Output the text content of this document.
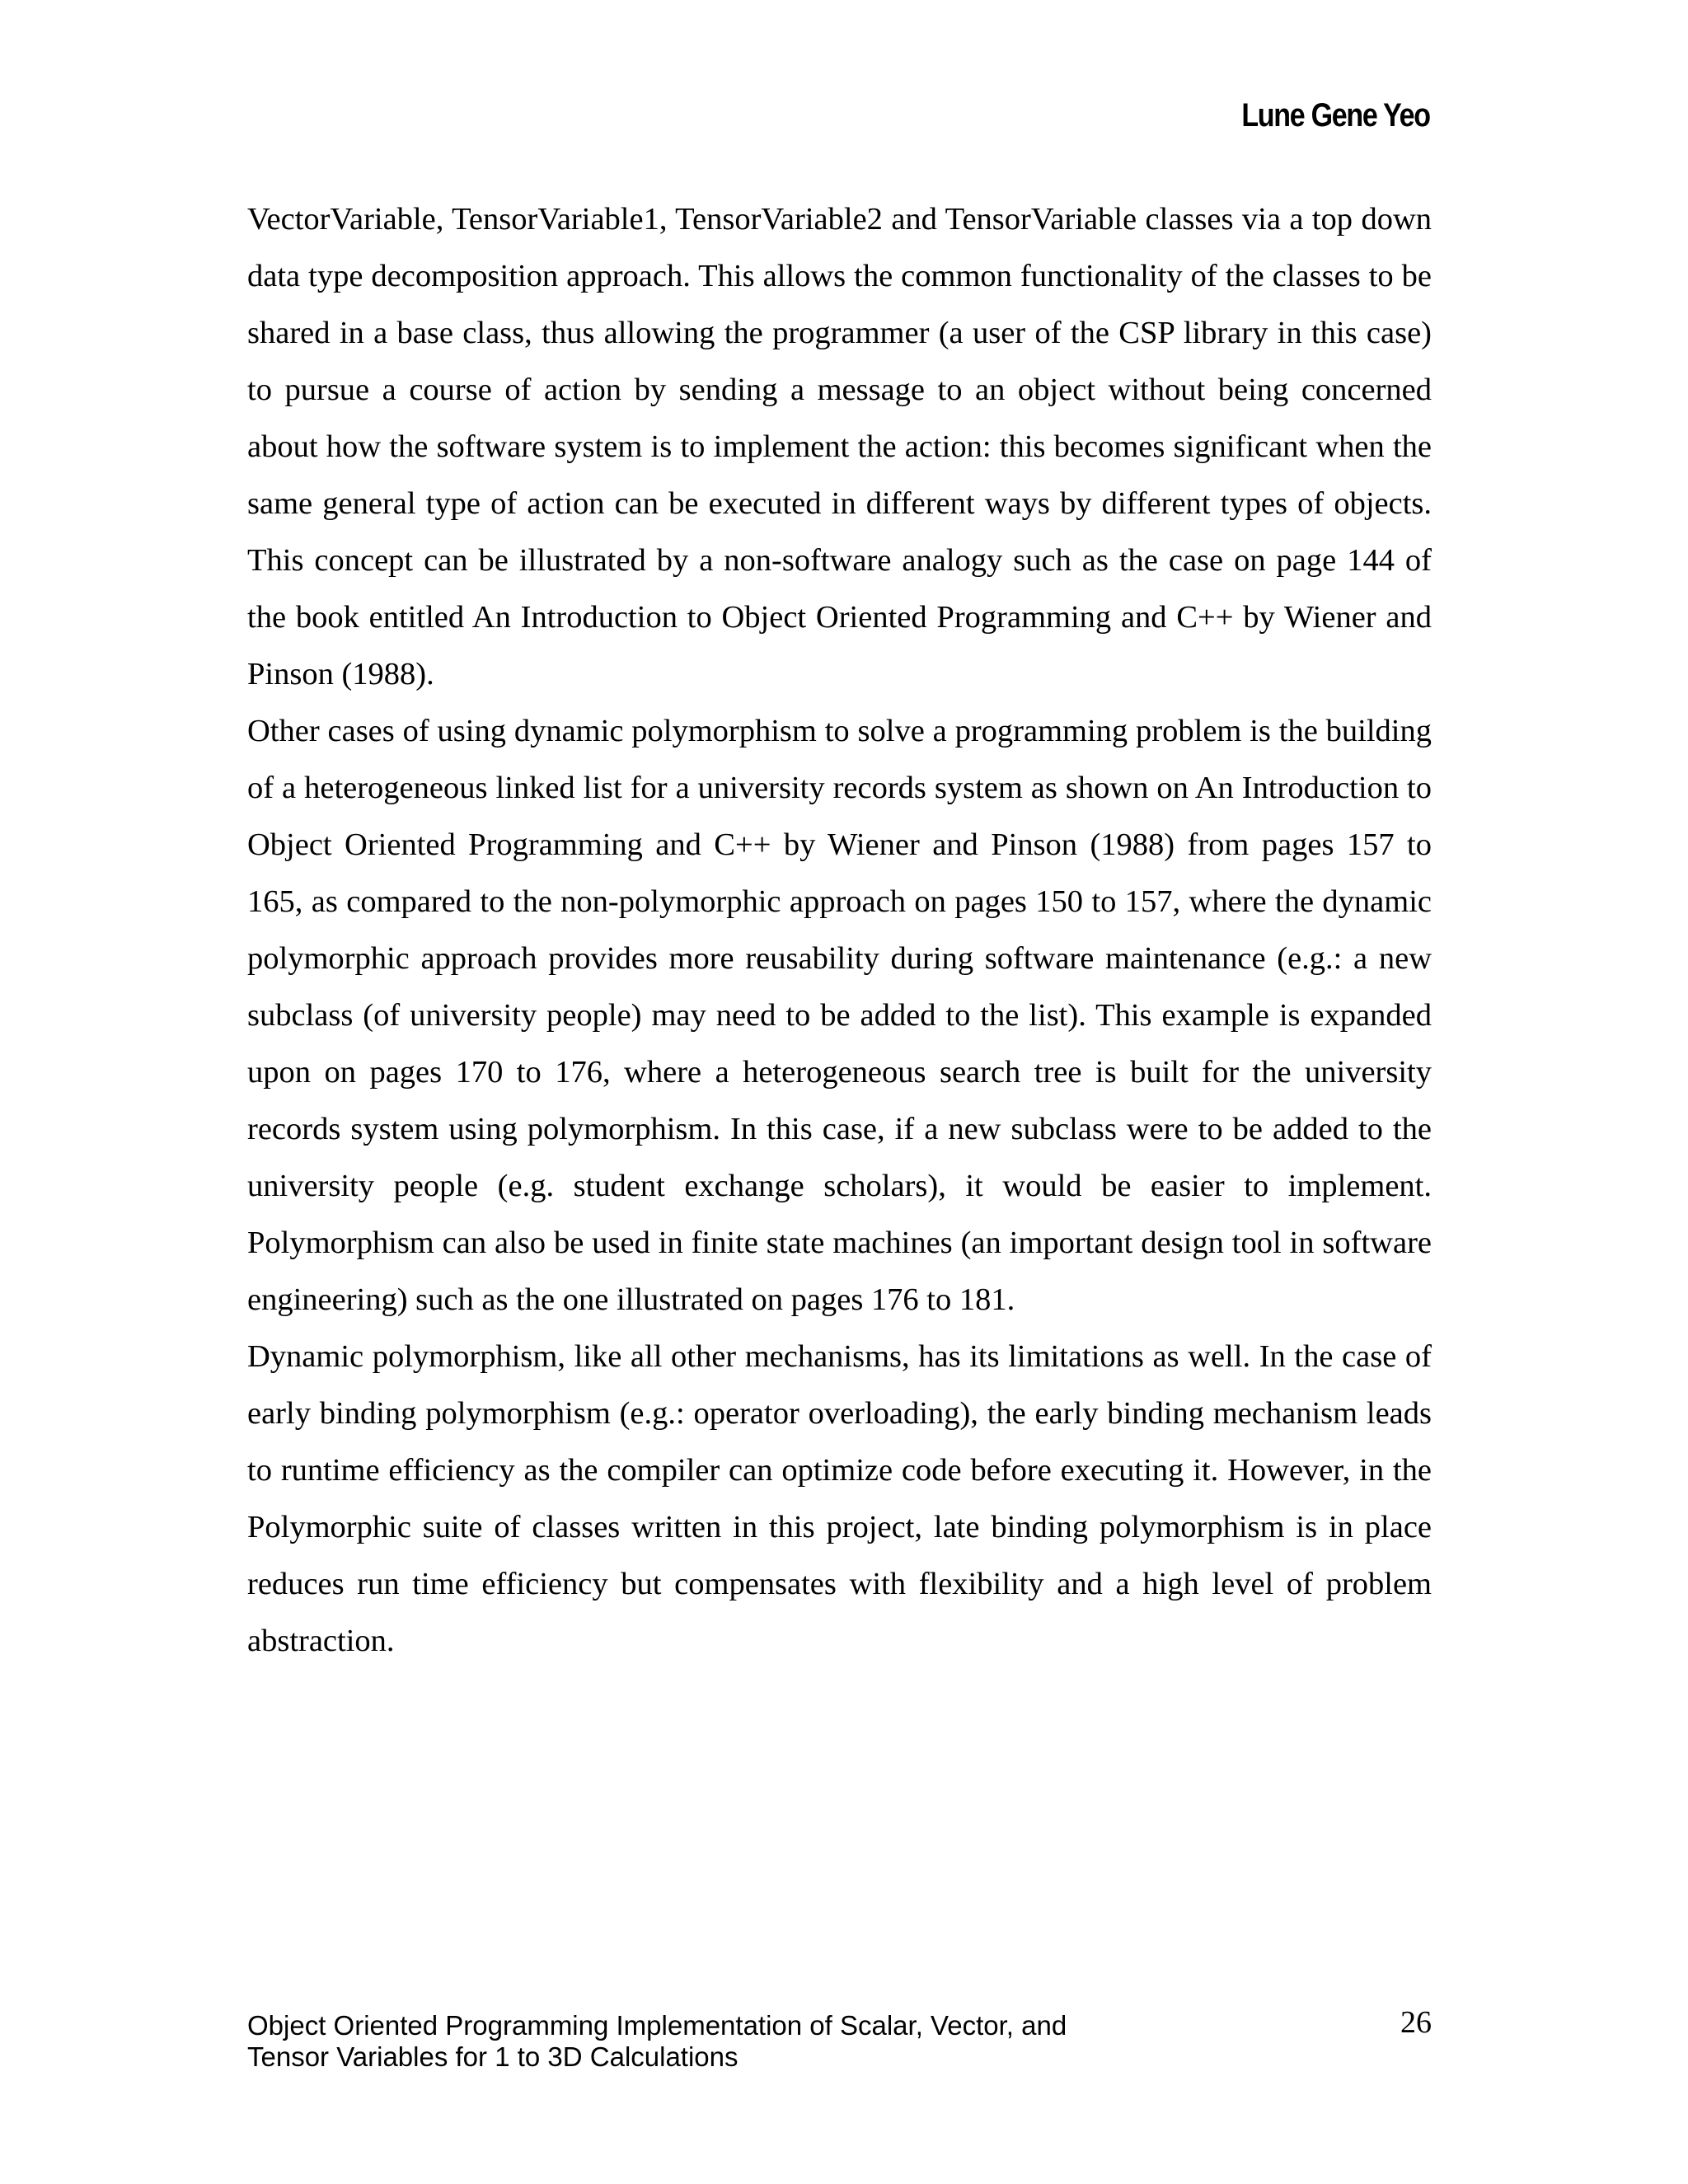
Lune Gene Yeo

VectorVariable, TensorVariable1, TensorVariable2 and TensorVariable classes via a top down data type decomposition approach. This allows the common functionality of the classes to be shared in a base class, thus allowing the programmer (a user of the CSP library in this case) to pursue a course of action by sending a message to an object without being concerned about how the software system is to implement the action: this becomes significant when the same general type of action can be executed in different ways by different types of objects. This concept can be illustrated by a non-software analogy such as the case on page 144 of the book entitled An Introduction to Object Oriented Programming and C++ by Wiener and Pinson (1988).

Other cases of using dynamic polymorphism to solve a programming problem is the building of a heterogeneous linked list for a university records system as shown on An Introduction to Object Oriented Programming and C++ by Wiener and Pinson (1988) from pages 157 to 165, as compared to the non-polymorphic approach on pages 150 to 157, where the dynamic polymorphic approach provides more reusability during software maintenance (e.g.: a new subclass (of university people) may need to be added to the list). This example is expanded upon on pages 170 to 176, where a heterogeneous search tree is built for the university records system using polymorphism. In this case, if a new subclass were to be added to the university people (e.g. student exchange scholars), it would be easier to implement. Polymorphism can also be used in finite state machines (an important design tool in software engineering) such as the one illustrated on pages 176 to 181.

Dynamic polymorphism, like all other mechanisms, has its limitations as well. In the case of early binding polymorphism (e.g.: operator overloading), the early binding mechanism leads to runtime efficiency as the compiler can optimize code before executing it. However, in the Polymorphic suite of classes written in this project, late binding polymorphism is in place reduces run time efficiency but compensates with flexibility and a high level of problem abstraction.

Object Oriented Programming Implementation of Scalar, Vector, and
Tensor Variables for 1 to 3D Calculations
26
